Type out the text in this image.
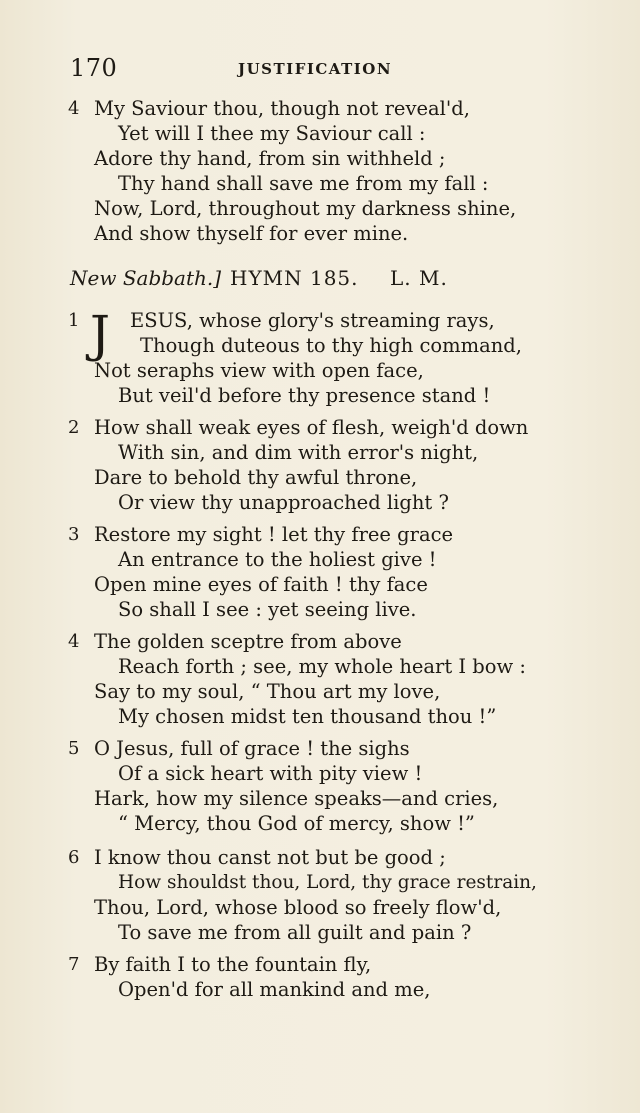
170	JUSTIFICATION
4 My Saviour thou, though not reveal'd,
Yet will I thee my Saviour call :
Adore thy hand, from sin withheld ;
Thy hand shall save me from my fall :
Now, Lord, throughout my darkness shine,
And show thyself for ever mine.
New Sabbath.] HYMN 185. L. M.
1 J ESUS, whose glory's streaming rays,
Though duteous to thy high command,
Not seraphs view with open face,
But veil'd before thy presence stand !
2 How shall weak eyes of flesh, weigh'd down
With sin, and dim with error's night,
Dare to behold thy awful throne,
Or view thy unapproached light ?
3 Restore my sight ! let thy free grace
An entrance to the holiest give !
Open mine eyes of faith ! thy face
So shall I see : yet seeing live.
4 The golden sceptre from above
Reach forth ; see, my whole heart I bow :
Say to my soul, “ Thou art my love,
My chosen midst ten thousand thou !”
5 O Jesus, full of grace ! the sighs
Of a sick heart with pity view !
Hark, how my silence speaks—and cries,
“ Mercy, thou God of mercy, show !”
6 I know thou canst not but be good ;
How shouldst thou, Lord, thy grace restrain,
Thou, Lord, whose blood so freely flow'd,
To save me from all guilt and pain ?
7 By faith I to the fountain fly,
Open'd for all mankind and me,
